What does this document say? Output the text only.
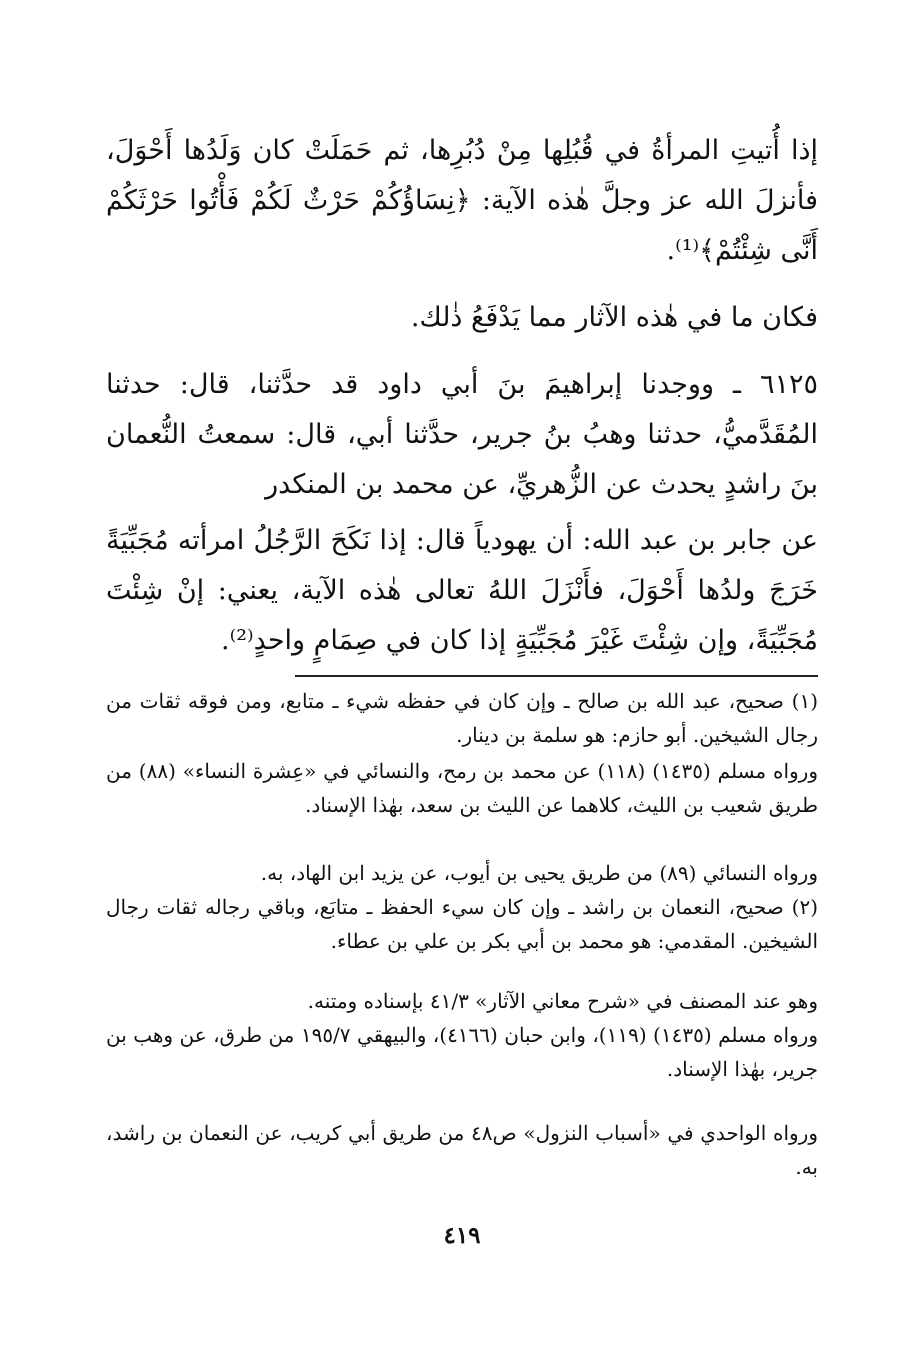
إذا أُتيتِ المرأةُ في قُبُلِها مِنْ دُبُرِها، ثم حَمَلَتْ كان وَلَدُها أَحْوَلَ، فأنزلَ الله عز وجلَّ هٰذه الآية: ﴿نِسَاؤُكُمْ حَرْثٌ لَكُمْ فَأْتُوا حَرْثَكُمْ أَنَّى شِئْتُمْ﴾⁽¹⁾.
فكان ما في هٰذه الآثار مما يَدْفَعُ ذٰلك.
٦١٢٥ ـ ووجدنا إبراهيمَ بنَ أبي داود قد حدَّثنا، قال: حدثنا المُقَدَّميُّ، حدثنا وهبُ بنُ جرير، حدَّثنا أبي، قال: سمعتُ النُّعمان بنَ راشدٍ يحدث عن الزُّهريِّ، عن محمد بن المنكدر
عن جابر بن عبد الله: أن يهودياً قال: إذا نَكَحَ الرَّجُلُ امرأته مُجَبِّيَةً خَرَجَ ولدُها أَحْوَلَ، فأَنْزَلَ اللهُ تعالى هٰذه الآية، يعني: إنْ شِئْتَ مُجَبِّيَةً، وإن شِئْتَ غَيْرَ مُجَبِّيَةٍ إذا كان في صِمَامٍ واحدٍ⁽²⁾.
(١) صحيح، عبد الله بن صالح ـ وإن كان في حفظه شيء ـ متابع، ومن فوقه ثقات من رجال الشيخين. أبو حازم: هو سلمة بن دينار.
ورواه مسلم (١٤٣٥) (١١٨) عن محمد بن رمح، والنسائي في «عِشرة النساء» (٨٨) من طريق شعيب بن الليث، كلاهما عن الليث بن سعد، بهٰذا الإسناد.
ورواه النسائي (٨٩) من طريق يحيى بن أيوب، عن يزيد ابن الهاد، به.
(٢) صحيح، النعمان بن راشد ـ وإن كان سيء الحفظ ـ متابَع، وباقي رجاله ثقات رجال الشيخين. المقدمي: هو محمد بن أبي بكر بن علي بن عطاء.
وهو عند المصنف في «شرح معاني الآثار» ٤١/٣ بإسناده ومتنه.
ورواه مسلم (١٤٣٥) (١١٩)، وابن حبان (٤١٦٦)، والبيهقي ١٩٥/٧ من طرق، عن وهب بن جرير، بهٰذا الإسناد.
ورواه الواحدي في «أسباب النزول» ص٤٨ من طريق أبي كريب، عن النعمان بن راشد، به.
٤١٩
